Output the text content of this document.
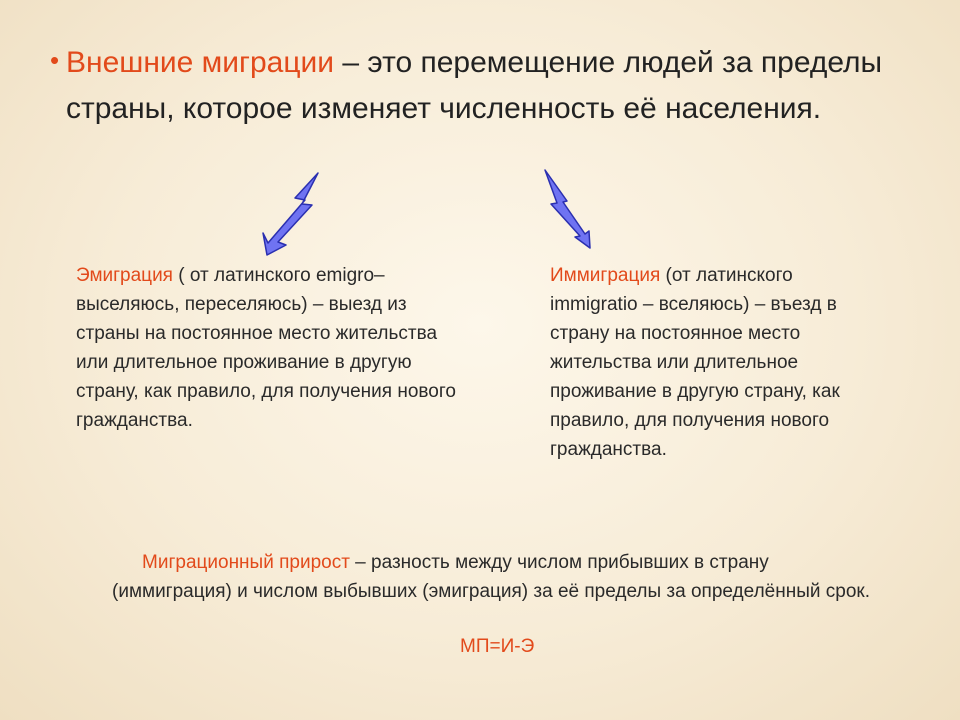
• Внешние миграции – это перемещение людей за пределы страны, которое изменяет численность её населения.
Эмиграция ( от латинского emigro– выселяюсь, переселяюсь) – выезд из страны на постоянное место жительства или длительное проживание в другую страну, как правило, для получения нового гражданства.
Иммиграция (от латинского immigratio – вселяюсь) – въезд в страну на постоянное место жительства или длительное проживание в другую страну, как правило, для получения нового гражданства.
Миграционный прирост – разность между числом прибывших в страну (иммиграция) и числом выбывших (эмиграция) за её пределы за определённый срок.
МП=И-Э
